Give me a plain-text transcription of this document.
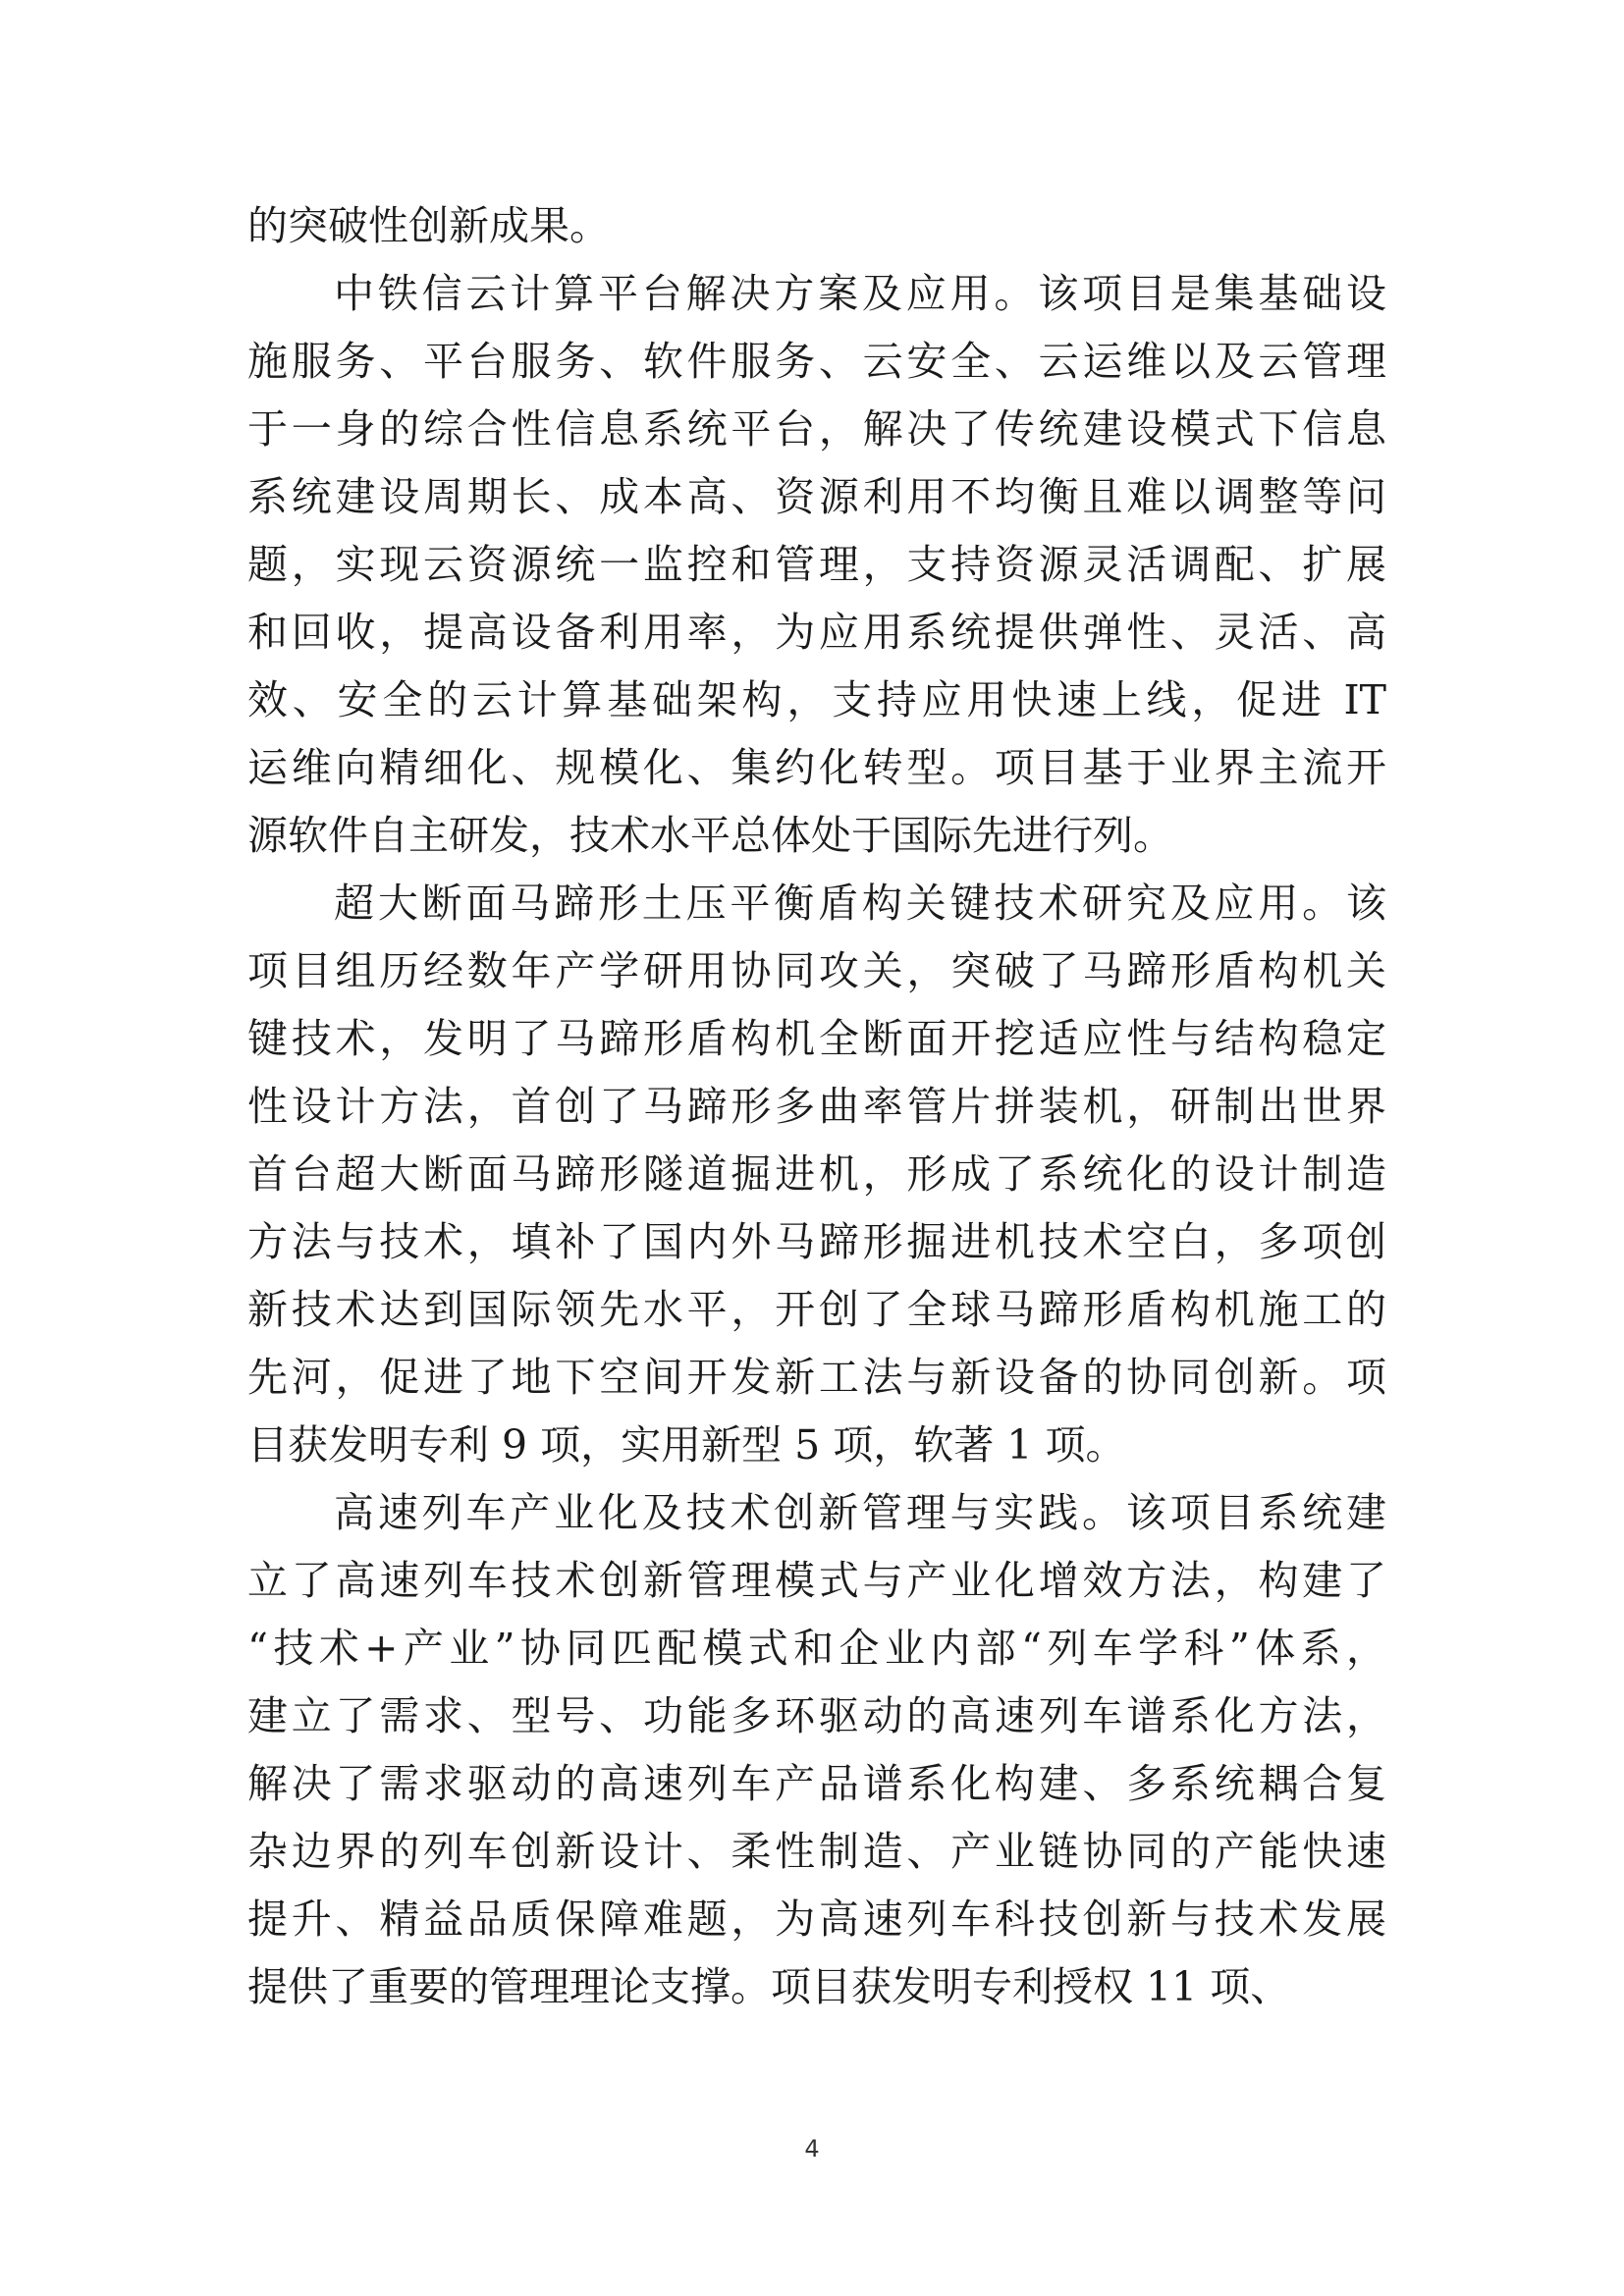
的突破性创新成果。
中铁信云计算平台解决方案及应用。该项目是集基础设
施服务、平台服务、软件服务、云安全、云运维以及云管理
于一身的综合性信息系统平台，解决了传统建设模式下信息
系统建设周期长、成本高、资源利用不均衡且难以调整等问
题，实现云资源统一监控和管理，支持资源灵活调配、扩展
和回收，提高设备利用率，为应用系统提供弹性、灵活、高
效、安全的云计算基础架构，支持应用快速上线，促进 IT
运维向精细化、规模化、集约化转型。项目基于业界主流开
源软件自主研发，技术水平总体处于国际先进行列。
超大断面马蹄形土压平衡盾构关键技术研究及应用。该
项目组历经数年产学研用协同攻关，突破了马蹄形盾构机关
键技术，发明了马蹄形盾构机全断面开挖适应性与结构稳定
性设计方法，首创了马蹄形多曲率管片拼装机，研制出世界
首台超大断面马蹄形隧道掘进机，形成了系统化的设计制造
方法与技术，填补了国内外马蹄形掘进机技术空白，多项创
新技术达到国际领先水平，开创了全球马蹄形盾构机施工的
先河，促进了地下空间开发新工法与新设备的协同创新。项
目获发明专利 9 项，实用新型 5 项，软著 1 项。
高速列车产业化及技术创新管理与实践。该项目系统建
立了高速列车技术创新管理模式与产业化增效方法，构建了
“技术+产业”协同匹配模式和企业内部“列车学科”体系，
建立了需求、型号、功能多环驱动的高速列车谱系化方法，
解决了需求驱动的高速列车产品谱系化构建、多系统耦合复
杂边界的列车创新设计、柔性制造、产业链协同的产能快速
提升、精益品质保障难题，为高速列车科技创新与技术发展
提供了重要的管理理论支撑。项目获发明专利授权 11 项、
4
